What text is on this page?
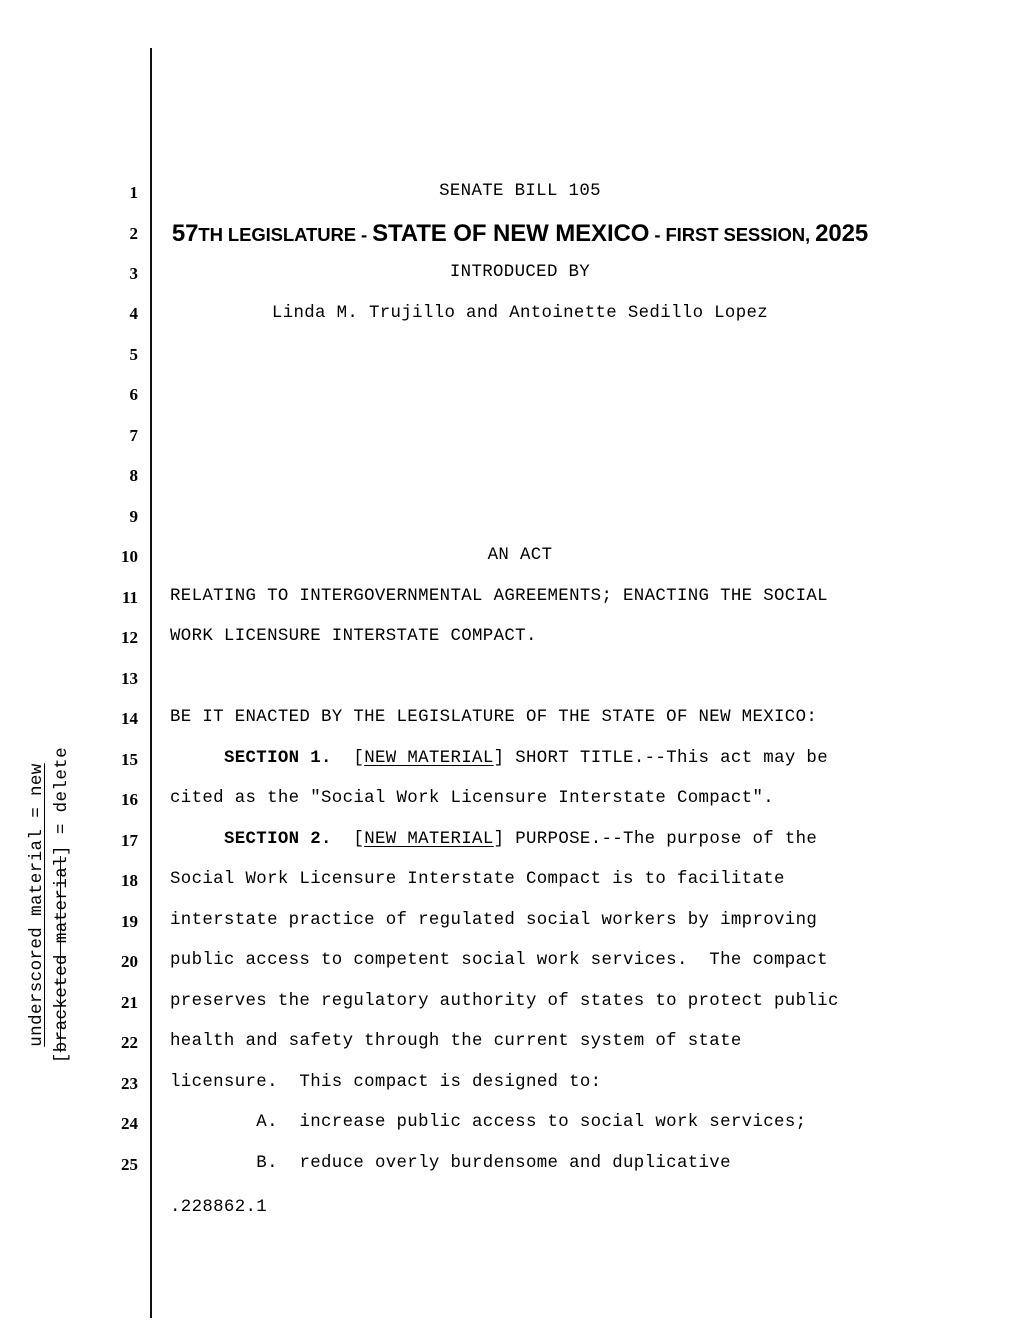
underscored material = new
[bracketed material] = delete
1
2
3
4
5
6
7
8
9
10
11
12
13
14
15
16
17
18
19
20
21
22
23
24
25
SENATE BILL 105
57TH LEGISLATURE - STATE OF NEW MEXICO - FIRST SESSION, 2025
INTRODUCED BY
Linda M. Trujillo and Antoinette Sedillo Lopez
AN ACT
RELATING TO INTERGOVERNMENTAL AGREEMENTS; ENACTING THE SOCIAL
WORK LICENSURE INTERSTATE COMPACT.
BE IT ENACTED BY THE LEGISLATURE OF THE STATE OF NEW MEXICO:
SECTION 1. [NEW MATERIAL] SHORT TITLE.--This act may be
cited as the "Social Work Licensure Interstate Compact".
SECTION 2. [NEW MATERIAL] PURPOSE.--The purpose of the
Social Work Licensure Interstate Compact is to facilitate
interstate practice of regulated social workers by improving
public access to competent social work services.  The compact
preserves the regulatory authority of states to protect public
health and safety through the current system of state
licensure.  This compact is designed to:
A.  increase public access to social work services;
B.  reduce overly burdensome and duplicative
.228862.1
